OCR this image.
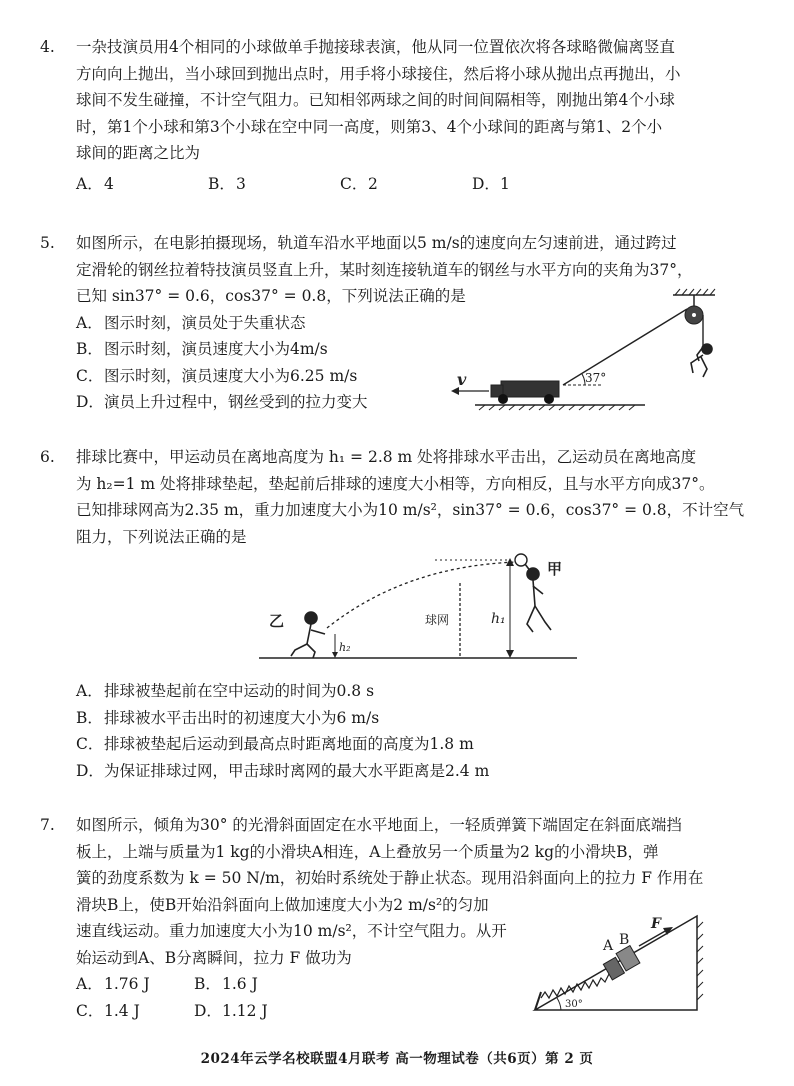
4.	一杂技演员用4个相同的小球做单手抛接球表演，他从同一位置依次将各球略微偏离竖直
方向向上抛出，当小球回到抛出点时，用手将小球接住，然后将小球从抛出点再抛出，小
球间不发生碰撞，不计空气阻力。已知相邻两球之间的时间间隔相等，刚抛出第4个小球
时，第1个小球和第3个小球在空中同一高度，则第3、4个小球间的距离与第1、2个小
球间的距离之比为
A．4	B．3	C．2	D．1
5.	如图所示，在电影拍摄现场，轨道车沿水平地面以5 m/s的速度向左匀速前进，通过跨过
定滑轮的钢丝拉着特技演员竖直上升，某时刻连接轨道车的钢丝与水平方向的夹角为37°，
已知 sin37° = 0.6，cos37° = 0.8，下列说法正确的是
A．图示时刻，演员处于失重状态
B．图示时刻，演员速度大小为4m/s
C．图示时刻，演员速度大小为6.25 m/s
D．演员上升过程中，钢丝受到的拉力变大
v	37°
6.	排球比赛中，甲运动员在离地高度为 h₁ = 2.8 m 处将排球水平击出，乙运动员在离地高度
为 h₂=1 m 处将排球垫起，垫起前后排球的速度大小相等，方向相反，且与水平方向成37°。
已知排球网高为2.35 m，重力加速度大小为10 m/s²，sin37° = 0.6，cos37° = 0.8，不计空气
阻力，下列说法正确的是
球网	h₁
甲
乙
h₂
A．排球被垫起前在空中运动的时间为0.8 s
B．排球被水平击出时的初速度大小为6 m/s
C．排球被垫起后运动到最高点时距离地面的高度为1.8 m
D．为保证排球过网，甲击球时离网的最大水平距离是2.4 m
7.	如图所示，倾角为30° 的光滑斜面固定在水平地面上，一轻质弹簧下端固定在斜面底端挡
板上，上端与质量为1 kg的小滑块A相连，A上叠放另一个质量为2 kg的小滑块B，弹
簧的劲度系数为 k = 50 N/m，初始时系统处于静止状态。现用沿斜面向上的拉力 F 作用在
滑块B上，使B开始沿斜面向上做加速度大小为2 m/s²的匀加
速直线运动。重力加速度大小为10 m/s²，不计空气阻力。从开
始运动到A、B分离瞬间，拉力 F 做功为
A．1.76 J	B．1.6 J C．1.4 J	D．1.12 J
A B
F
30°
2024年云学名校联盟4月联考 高一物理试卷（共6页）第 2 页
